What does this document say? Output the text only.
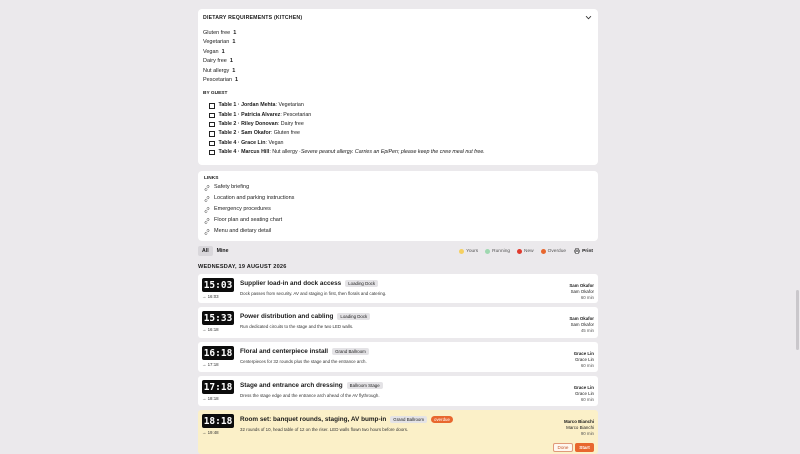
DIETARY REQUIREMENTS (KITCHEN)
Gluten free 1
Vegetarian 1
Vegan 1
Dairy free 1
Nut allergy 1
Pescetarian 1
BY GUEST
Table 1 · Jordan Mehta : Vegetarian
Table 1 · Patricia Alvarez : Pescetarian
Table 2 · Riley Donovan : Dairy free
Table 2 · Sam Okafor : Gluten free
Table 4 · Grace Lin : Vegan
Table 4 · Marcus Hill : Nut allergy · Severe peanut allergy. Carries an EpiPen; please keep the crew meal nut free.
LINKS
Safety briefing
Location and parking instructions
Emergency procedures
Floor plan and seating chart
Menu and dietary detail
All	Mine	Yours	Running	New	Overdue	Print
WEDNESDAY, 19 AUGUST 2026
15:03
→ 16:03
Supplier load-in and dock access	Loading Dock
Dock passes from security. AV and staging in first, then florals and catering.
Sam Okafor
Sam Okafor
60 min
15:33
→ 16:18
Power distribution and cabling	Loading Dock
Run dedicated circuits to the stage and the two LED walls.
Sam Okafor
Sam Okafor
45 min
16:18
→ 17:18
Floral and centerpiece install	Grand Ballroom
Centerpieces for 32 rounds plus the stage and the entrance arch.
Grace Lin
Grace Lin
60 min
17:18
→ 18:18
Stage and entrance arch dressing	Ballroom Stage
Dress the stage edge and the entrance arch ahead of the AV flythrough.
Grace Lin
Grace Lin
60 min
18:18
→ 19:48
Room set: banquet rounds, staging, AV bump-in	Grand Ballroom	overdue
32 rounds of 10, head table of 12 on the riser. LED walls flown two hours before doors.
Marco Bianchi
Marco Bianchi
90 min
Done	Start
